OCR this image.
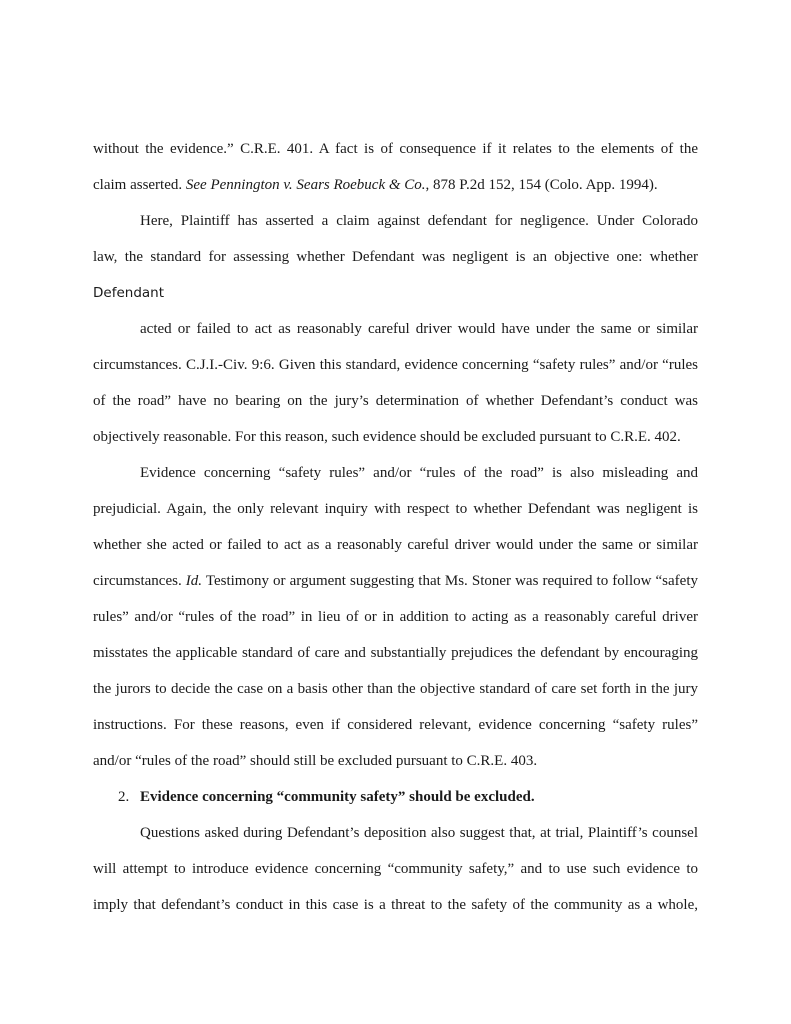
without the evidence.” C.R.E. 401. A fact is of consequence if it relates to the elements of the
claim asserted. See Pennington v. Sears Roebuck & Co., 878 P.2d 152, 154 (Colo. App. 1994).
Here, Plaintiff has asserted a claim against defendant for negligence. Under Colorado
law, the standard for assessing whether Defendant was negligent is an objective one: whether
Defendant
acted or failed to act as reasonably careful driver would have under the same or similar
circumstances. C.J.I.-Civ. 9:6. Given this standard, evidence concerning “safety rules” and/or “rules
of the road” have no bearing on the jury’s determination of whether Defendant’s conduct was
objectively reasonable. For this reason, such evidence should be excluded pursuant to C.R.E. 402.
Evidence concerning “safety rules” and/or “rules of the road” is also misleading and
prejudicial. Again, the only relevant inquiry with respect to whether Defendant was negligent is
whether she acted or failed to act as a reasonably careful driver would under the same or similar
circumstances. Id. Testimony or argument suggesting that Ms. Stoner was required to follow “safety
rules” and/or “rules of the road” in lieu of or in addition to acting as a reasonably careful driver
misstates the applicable standard of care and substantially prejudices the defendant by encouraging
the jurors to decide the case on a basis other than the objective standard of care set forth in the jury
instructions. For these reasons, even if considered relevant, evidence concerning “safety rules”
and/or “rules of the road” should still be excluded pursuant to C.R.E. 403.
2. Evidence concerning “community safety” should be excluded.
Questions asked during Defendant’s deposition also suggest that, at trial, Plaintiff’s counsel
will attempt to introduce evidence concerning “community safety,” and to use such evidence to
imply that defendant’s conduct in this case is a threat to the safety of the community as a whole,
